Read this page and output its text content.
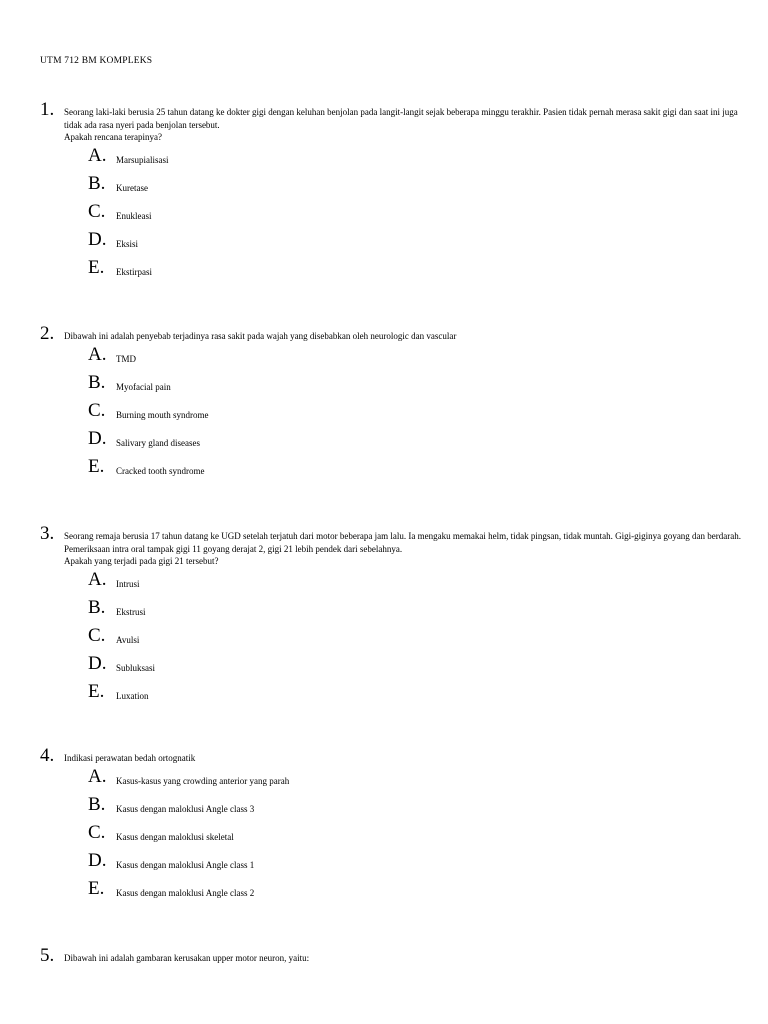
UTM 712 BM KOMPLEKS
1. Seorang laki-laki berusia 25 tahun datang ke dokter gigi dengan keluhan benjolan pada langit-langit sejak beberapa minggu terakhir. Pasien tidak pernah merasa sakit gigi dan saat ini juga tidak ada rasa nyeri pada benjolan tersebut.

Apakah rencana terapinya?

A. Marsupialisasi
B. Kuretase
C. Enukleasi
D. Eksisi
E. Ekstirpasi
2. Dibawah ini adalah penyebab terjadinya rasa sakit pada wajah yang disebabkan oleh neurologic dan vascular

A. TMD
B. Myofacial pain
C. Burning mouth syndrome
D. Salivary gland diseases
E. Cracked tooth syndrome
3. Seorang remaja berusia 17 tahun datang ke UGD setelah terjatuh dari motor beberapa jam lalu. Ia mengaku memakai helm, tidak pingsan, tidak muntah. Gigi-giginya goyang dan berdarah. Pemeriksaan intra oral tampak gigi 11 goyang derajat 2, gigi 21 lebih pendek dari sebelahnya.

Apakah yang terjadi pada gigi 21 tersebut?

A. Intrusi
B. Ekstrusi
C. Avulsi
D. Subluksasi
E. Luxation
4. Indikasi perawatan bedah ortognatik

A. Kasus-kasus yang crowding anterior yang parah
B. Kasus dengan maloklusi Angle class 3
C. Kasus dengan maloklusi skeletal
D. Kasus dengan maloklusi Angle class 1
E. Kasus dengan maloklusi Angle class 2
5. Dibawah ini adalah gambaran kerusakan upper motor neuron, yaitu:
